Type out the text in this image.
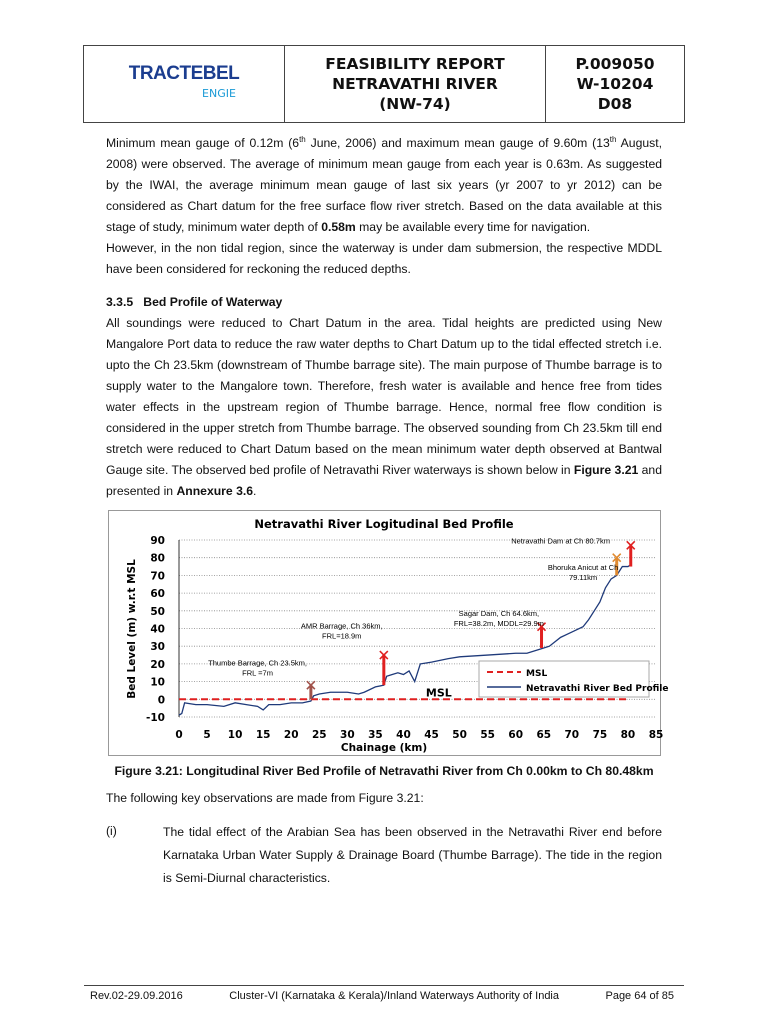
TRACTEBEL
ENGIE
FEASIBILITY REPORT
NETRAVATHI RIVER
(NW-74)
P.009050
W-10204
D08

Minimum mean gauge of 0.12m (6th June, 2006) and maximum mean gauge of 9.60m (13th August, 2008) were observed. The average of minimum mean gauge from each year is 0.63m. As suggested by the IWAI, the average minimum mean gauge of last six years (yr 2007 to yr 2012) can be considered as Chart datum for the free surface flow river stretch. Based on the data available at this stage of study, minimum water depth of 0.58m may be available every time for navigation.

However, in the non tidal region, since the waterway is under dam submersion, the respective MDDL have been considered for reckoning the reduced depths.

3.3.5 Bed Profile of Waterway

All soundings were reduced to Chart Datum in the area. Tidal heights are predicted using New Mangalore Port data to reduce the raw water depths to Chart Datum up to the tidal effected stretch i.e. upto the Ch 23.5km (downstream of Thumbe barrage site). The main purpose of Thumbe barrage is to supply water to the Mangalore town. Therefore, fresh water is available and hence free from tides water effects in the upstream region of Thumbe barrage. Hence, normal free flow condition is considered in the upper stretch from Thumbe barrage. The observed sounding from Ch 23.5km till end stretch were reduced to Chart Datum based on the mean minimum water depth observed at Bantwal Gauge site. The observed bed profile of Netravathi River waterways is shown below in Figure 3.21 and presented in Annexure 3.6.

Netravathi River Logitudinal Bed Profile
90
80
70
60
50
40
30
20
10
0
-10
0 5 10 15 20 25 30 35 40 45 50 55 60 65 70 75 80 85
Chainage (km)
Bed Level (m) w.r.t MSL	MSL
Thumbe Barrage, Ch 23.5km,
FRL =7m
AMR Barrage, Ch 36km,
FRL=18.9m
Sagar Dam, Ch 64.6km,
FRL=38.2m, MDDL=29.9m
Bhoruka Anicut at Ch
79.11km
Netravathi Dam at Ch 80.7km
MSL
Netravathi River Bed Profile
Figure 3.21: Longitudinal River Bed Profile of Netravathi River from Ch 0.00km to Ch 80.48km

The following key observations are made from Figure 3.21:

(i)	The tidal effect of the Arabian Sea has been observed in the Netravathi River end before Karnataka Urban Water Supply & Drainage Board (Thumbe Barrage). The tide in the region is Semi-Diurnal characteristics.
Rev.02-29.09.2016	Cluster-VI (Karnataka & Kerala)/Inland Waterways Authority of India	Page 64 of 85
